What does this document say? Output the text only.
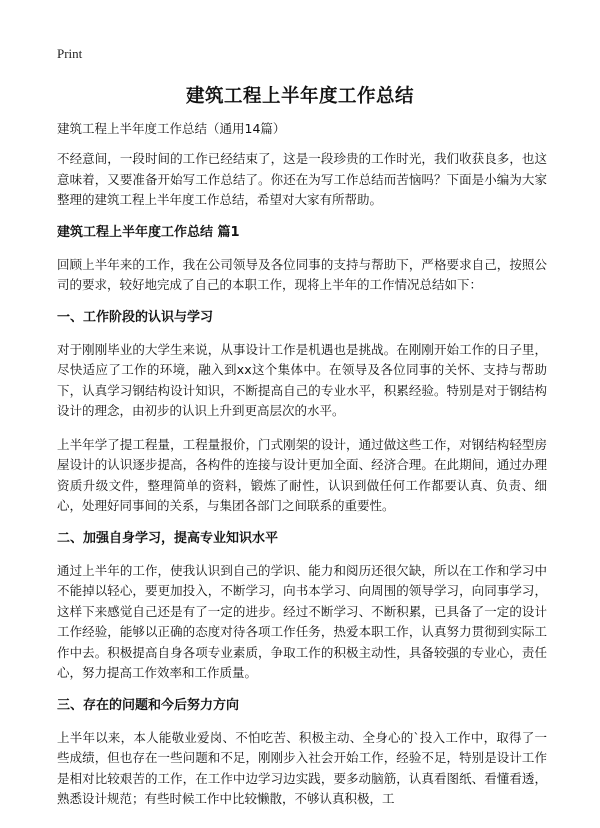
Print
建筑工程上半年度工作总结
建筑工程上半年度工作总结（通用14篇）

不经意间，一段时间的工作已经结束了，这是一段珍贵的工作时光，我们收获良多，也这意味着，又要准备开始写工作总结了。你还在为写工作总结而苦恼吗？下面是小编为大家整理的建筑工程上半年度工作总结，希望对大家有所帮助。

建筑工程上半年度工作总结 篇1

回顾上半年来的工作，我在公司领导及各位同事的支持与帮助下，严格要求自己，按照公司的要求，较好地完成了自己的本职工作，现将上半年的工作情况总结如下：

一、工作阶段的认识与学习

对于刚刚毕业的大学生来说，从事设计工作是机遇也是挑战。在刚刚开始工作的日子里，尽快适应了工作的环境，融入到xx这个集体中。在领导及各位同事的关怀、支持与帮助下，认真学习钢结构设计知识，不断提高自己的专业水平，积累经验。特别是对于钢结构设计的理念，由初步的认识上升到更高层次的水平。

上半年学了提工程量，工程量报价，门式刚架的设计，通过做这些工作，对钢结构轻型房屋设计的认识逐步提高，各构件的连接与设计更加全面、经济合理。在此期间，通过办理资质升级文件，整理简单的资料，锻炼了耐性，认识到做任何工作都要认真、负责、细心，处理好同事间的关系，与集团各部门之间联系的重要性。

二、加强自身学习，提高专业知识水平

通过上半年的工作，使我认识到自己的学识、能力和阅历还很欠缺，所以在工作和学习中不能掉以轻心，要更加投入，不断学习，向书本学习、向周围的领导学习，向同事学习，这样下来感觉自己还是有了一定的进步。经过不断学习、不断积累，已具备了一定的设计工作经验，能够以正确的态度对待各项工作任务，热爱本职工作，认真努力贯彻到实际工作中去。积极提高自身各项专业素质，争取工作的积极主动性，具备较强的专业心，责任心，努力提高工作效率和工作质量。

三、存在的问题和今后努力方向

上半年以来，本人能敬业爱岗、不怕吃苦、积极主动、全身心的`投入工作中，取得了一些成绩，但也存在一些问题和不足，刚刚步入社会开始工作，经验不足，特别是设计工作是相对比较艰苦的工作，在工作中边学习边实践，要多动脑筋，认真看图纸、看懂看透，熟悉设计规范；有些时候工作中比较懒散，不够认真积极，工
